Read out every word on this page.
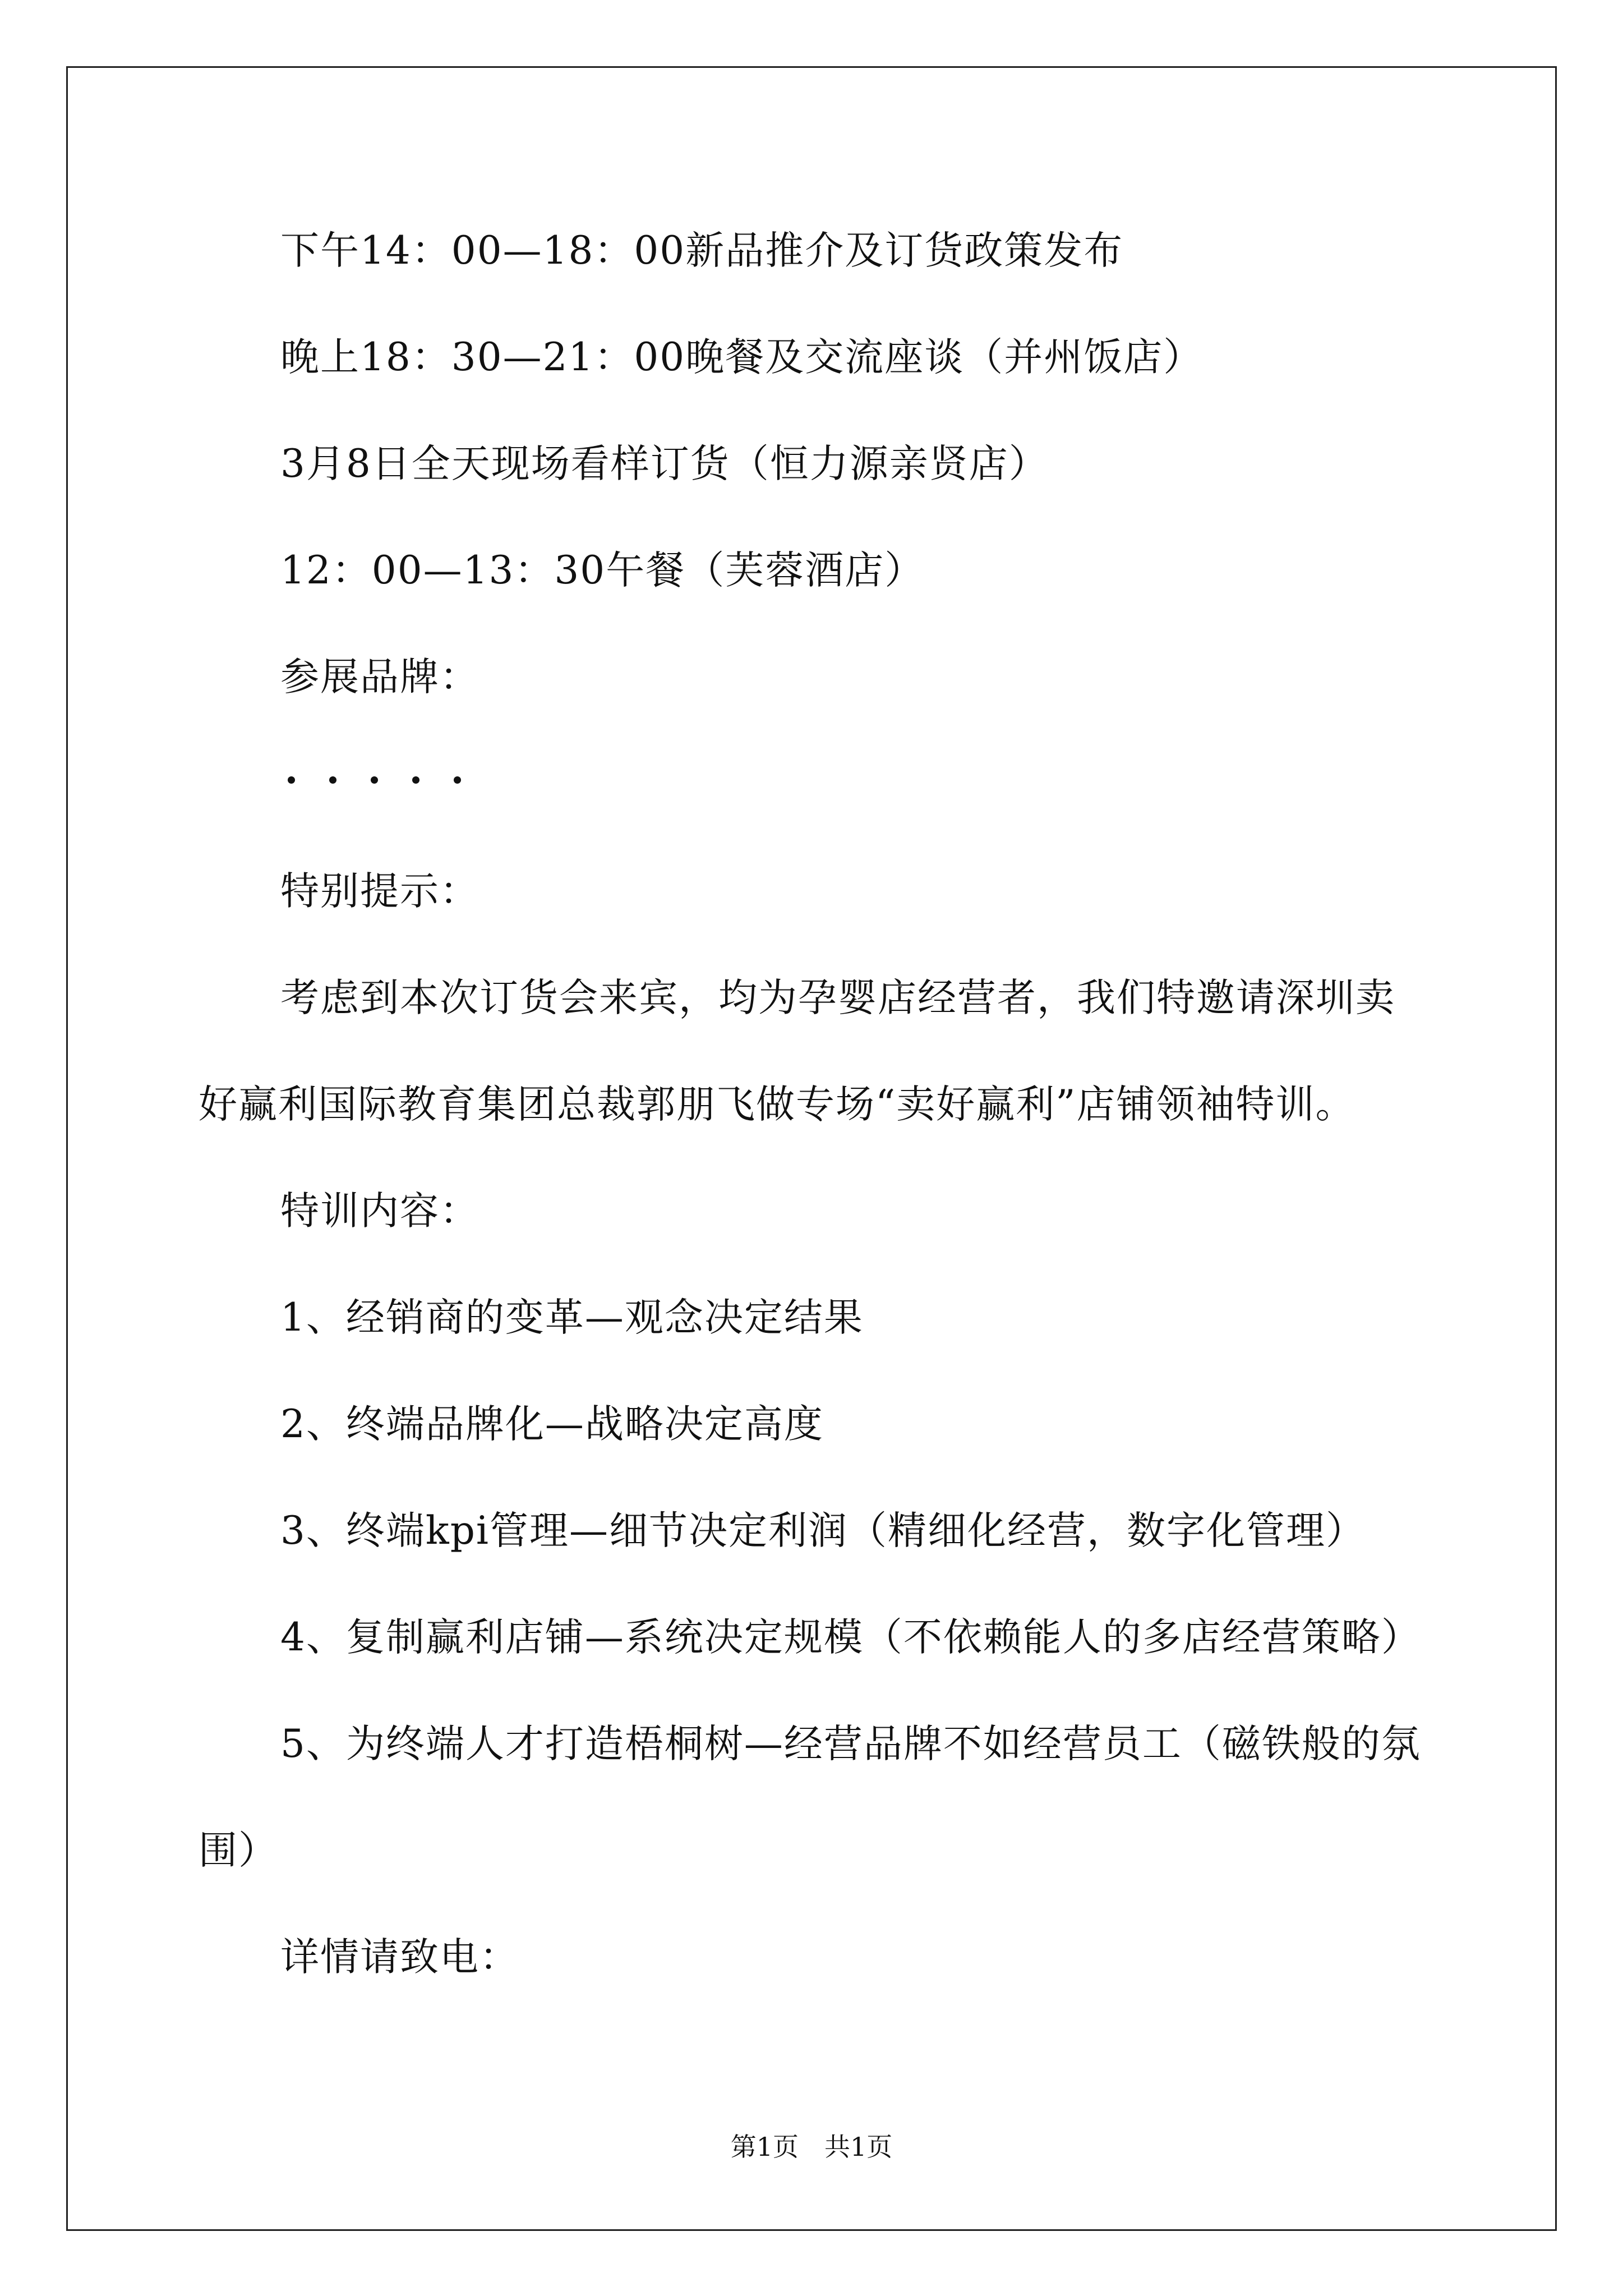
下午14：00—18：00新品推介及订货政策发布
晚上18：30—21：00晚餐及交流座谈（并州饭店）
3月8日全天现场看样订货（恒力源亲贤店）
12：00—13：30午餐（芙蓉酒店）
参展品牌：
特别提示：
考虑到本次订货会来宾，均为孕婴店经营者，我们特邀请深圳卖
好赢利国际教育集团总裁郭朋飞做专场“卖好赢利”店铺领袖特训。
特训内容：
1、经销商的变革—观念决定结果
2、终端品牌化—战略决定高度
3、终端kpi管理—细节决定利润（精细化经营，数字化管理）
4、复制赢利店铺—系统决定规模（不依赖能人的多店经营策略）
5、为终端人才打造梧桐树—经营品牌不如经营员工（磁铁般的氛
围）
详情请致电：
第1页　共1页
